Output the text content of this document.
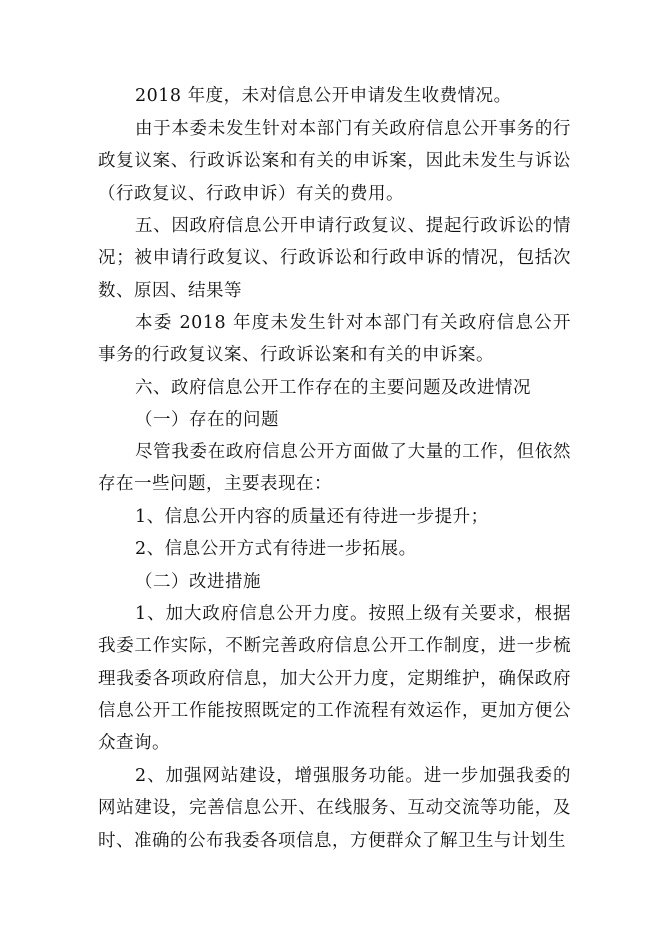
2018 年度，未对信息公开申请发生收费情况。

由于本委未发生针对本部门有关政府信息公开事务的行政复议案、行政诉讼案和有关的申诉案，因此未发生与诉讼（行政复议、行政申诉）有关的费用。

五、因政府信息公开申请行政复议、提起行政诉讼的情况；被申请行政复议、行政诉讼和行政申诉的情况，包括次数、原因、结果等

本委 2018 年度未发生针对本部门有关政府信息公开事务的行政复议案、行政诉讼案和有关的申诉案。

六、政府信息公开工作存在的主要问题及改进情况

（一）存在的问题

尽管我委在政府信息公开方面做了大量的工作，但依然存在一些问题，主要表现在：

1、信息公开内容的质量还有待进一步提升；

2、信息公开方式有待进一步拓展。

（二）改进措施

1、加大政府信息公开力度。按照上级有关要求，根据我委工作实际，不断完善政府信息公开工作制度，进一步梳理我委各项政府信息，加大公开力度，定期维护，确保政府信息公开工作能按照既定的工作流程有效运作，更加方便公众查询。

2、加强网站建设，增强服务功能。进一步加强我委的网站建设，完善信息公开、在线服务、互动交流等功能，及时、准确的公布我委各项信息，方便群众了解卫生与计划生
